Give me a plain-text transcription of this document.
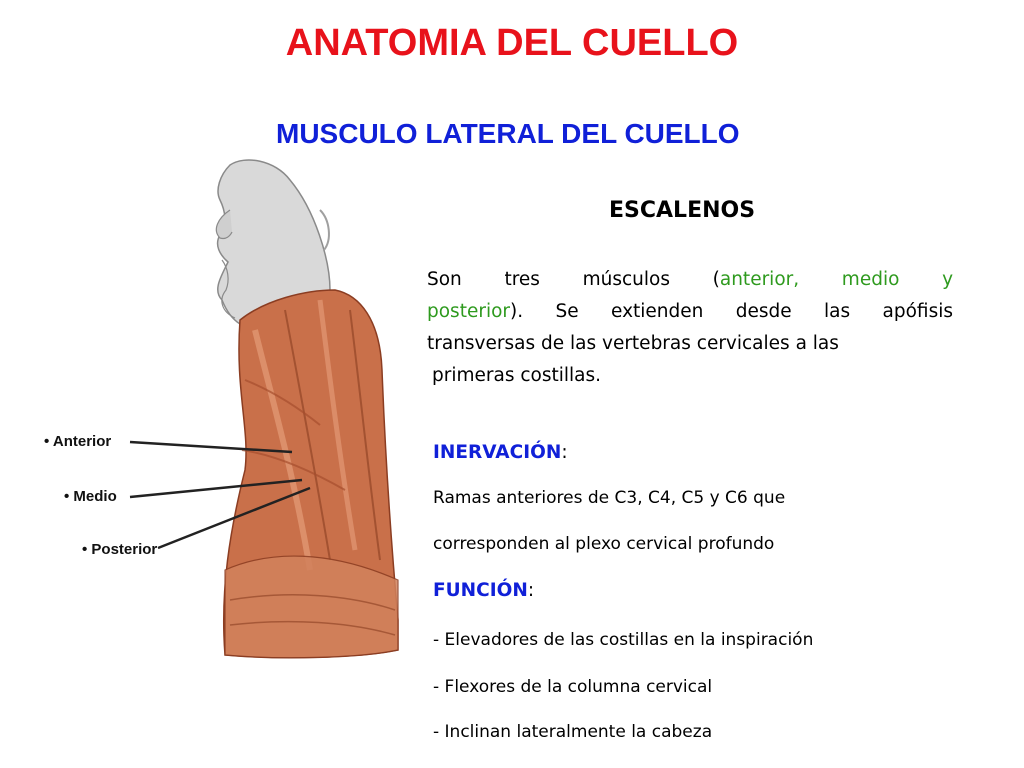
ANATOMIA DEL CUELLO
MUSCULO LATERAL DEL CUELLO
ESCALENOS
Son tres músculos (anterior, medio y
posterior). Se extienden desde las apófisis
transversas de las vertebras cervicales a las
primeras costillas.
INERVACIÓN:
Ramas anteriores de C3, C4, C5 y C6 que
corresponden al plexo cervical profundo
FUNCIÓN:
- Elevadores de las costillas en la inspiración
- Flexores de la columna cervical
- Inclinan lateralmente la cabeza
• Anterior
• Medio
• Posterior
